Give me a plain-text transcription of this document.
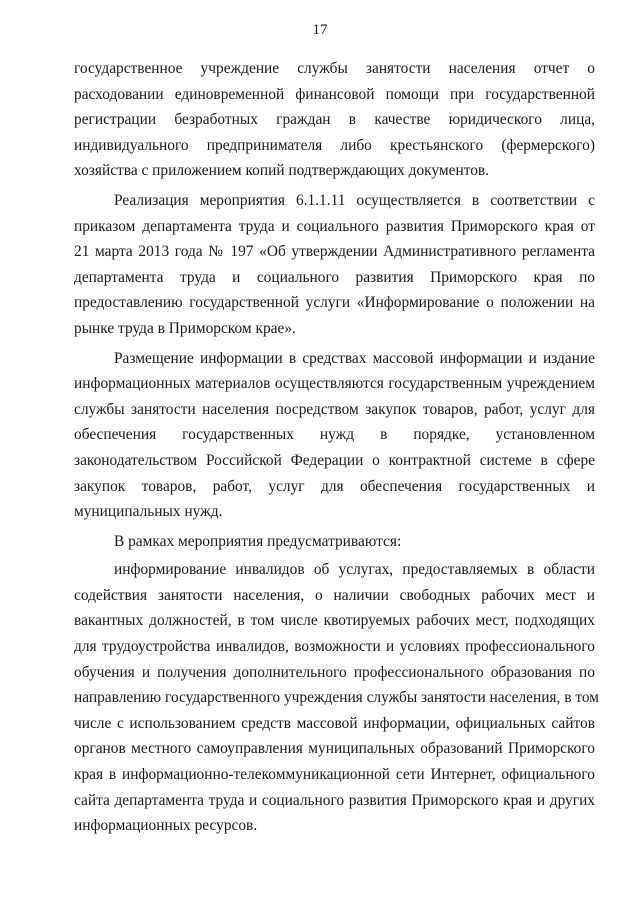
17
государственное учреждение службы занятости населения отчет о
расходовании единовременной финансовой помощи при государственной
регистрации безработных граждан в качестве юридического лица,
индивидуального предпринимателя либо крестьянского (фермерского)
хозяйства с приложением копий подтверждающих документов.
Реализация мероприятия 6.1.1.11 осуществляется в соответствии с
приказом департамента труда и социального развития Приморского края от
21 марта 2013 года № 197 «Об утверждении Административного регламента
департамента труда и социального развития Приморского края по
предоставлению государственной услуги «Информирование о положении на
рынке труда в Приморском крае».
Размещение информации в средствах массовой информации и издание
информационных материалов осуществляются государственным учреждением
службы занятости населения посредством закупок товаров, работ, услуг для
обеспечения государственных нужд в порядке, установленном
законодательством Российской Федерации о контрактной системе в сфере
закупок товаров, работ, услуг для обеспечения государственных и
муниципальных нужд.
В рамках мероприятия предусматриваются:
информирование инвалидов об услугах, предоставляемых в области
содействия занятости населения, о наличии свободных рабочих мест и
вакантных должностей, в том числе квотируемых рабочих мест, подходящих
для трудоустройства инвалидов, возможности и условиях профессионального
обучения и получения дополнительного профессионального образования по
направлению государственного учреждения службы занятости населения, в том
числе с использованием средств массовой информации, официальных сайтов
органов местного самоуправления муниципальных образований Приморского
края в информационно-телекоммуникационной сети Интернет, официального
сайта департамента труда и социального развития Приморского края и других
информационных ресурсов.
